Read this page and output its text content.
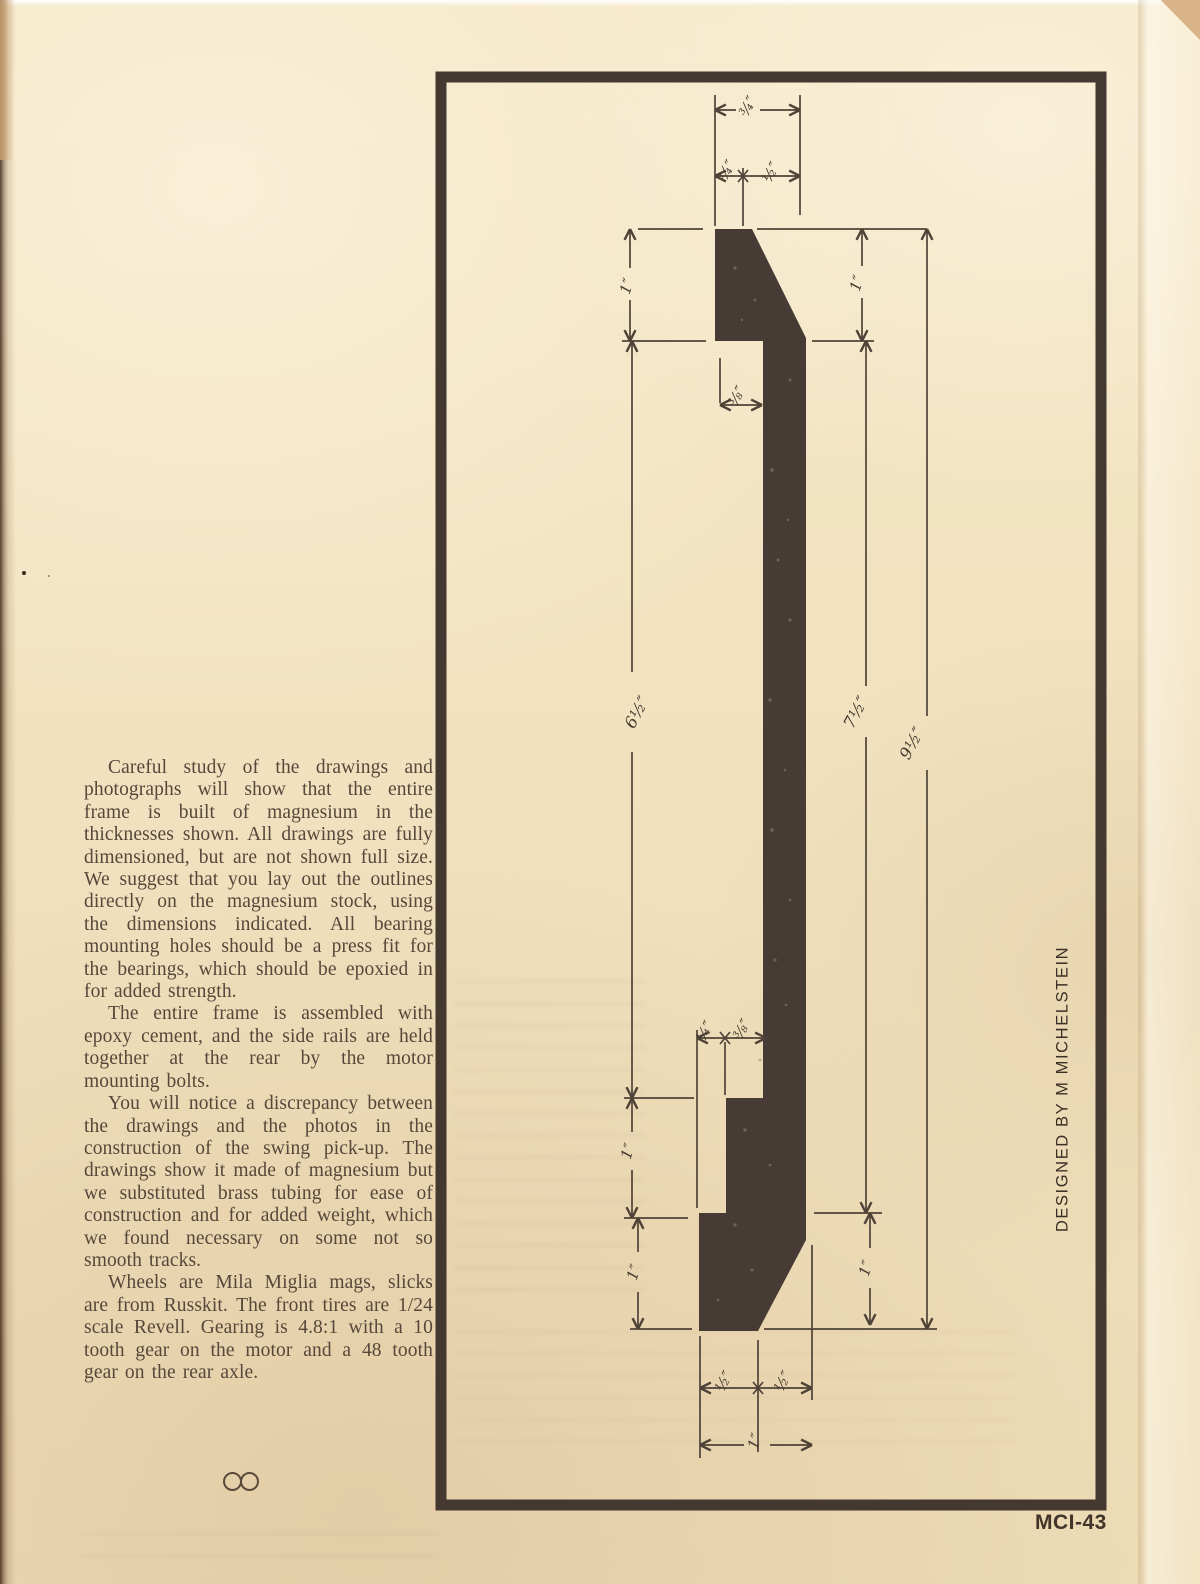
¾″
¼″ ½″
1″	1″
⅜″
6½″	7½″
9½″
¼″ ⅜″
1″
1″	1″
½″ ½″
1″
DESIGNED BY M MICHELSTEIN

Careful study of the drawings and photographs will show that the entire frame is built of magnesium in the thicknesses shown. All drawings are fully dimensioned, but are not shown full size. We suggest that you lay out the outlines directly on the magnesium stock, using the dimensions indicated. All bearing mounting holes should be a press fit for the bearings, which should be epoxied in for added strength.

The entire frame is assembled with epoxy cement, and the side rails are held together at the rear by the motor mounting bolts.

You will notice a discrepancy between the drawings and the photos in the construction of the swing pick-up. The drawings show it made of magnesium but we substituted brass tubing for ease of construction and for added weight, which we found necessary on some not so smooth tracks.

Wheels are Mila Miglia mags, slicks are from Russkit. The front tires are 1/24 scale Revell. Gearing is 4.8:1 with a 10 tooth gear on the motor and a 48 tooth gear on the rear axle.

MCI-43
